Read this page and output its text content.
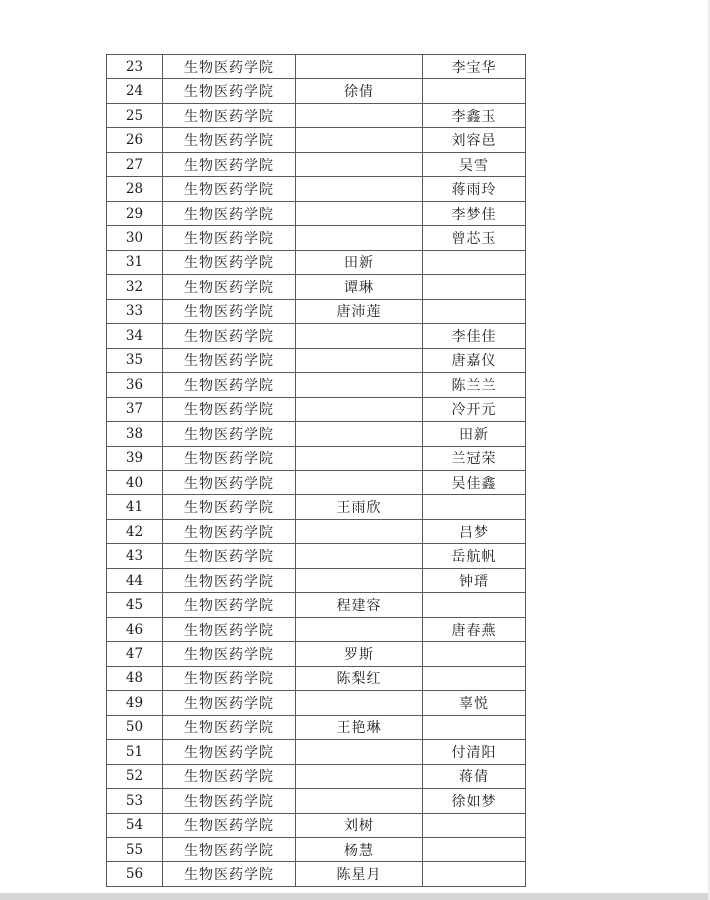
23	生物医药学院		李宝华
24	生物医药学院	徐倩	
25	生物医药学院		李鑫玉
26	生物医药学院		刘容邑
27	生物医药学院		吴雪
28	生物医药学院		蒋雨玲
29	生物医药学院		李梦佳
30	生物医药学院		曾芯玉
31	生物医药学院	田新	
32	生物医药学院	谭琳	
33	生物医药学院	唐沛莲	
34	生物医药学院		李佳佳
35	生物医药学院		唐嘉仪
36	生物医药学院		陈兰兰
37	生物医药学院		冷开元
38	生物医药学院		田新
39	生物医药学院		兰冠荣
40	生物医药学院		吴佳鑫
41	生物医药学院	王雨欣	
42	生物医药学院		吕梦
43	生物医药学院		岳航帆
44	生物医药学院		钟瑨
45	生物医药学院	程建容	
46	生物医药学院		唐春燕
47	生物医药学院	罗斯	
48	生物医药学院	陈梨红	
49	生物医药学院		辜悦
50	生物医药学院	王艳琳	
51	生物医药学院		付清阳
52	生物医药学院		蒋倩
53	生物医药学院		徐如梦
54	生物医药学院	刘树	
55	生物医药学院	杨慧	
56	生物医药学院	陈星月	
